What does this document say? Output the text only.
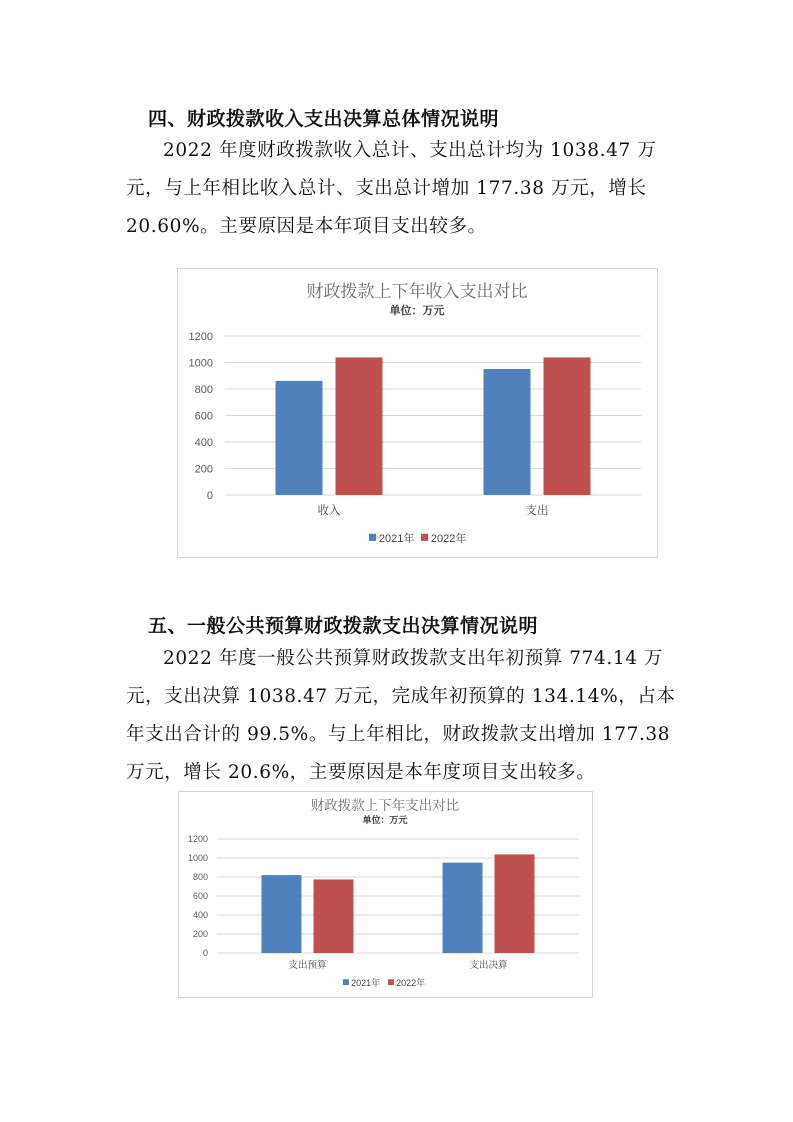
四、财政拨款收入支出决算总体情况说明
2022 年度财政拨款收入总计、支出总计均为 1038.47 万元，与上年相比收入总计、支出总计增加 177.38 万元，增长 20.60%。主要原因是本年项目支出较多。
财政拨款上下年收入支出对比
单位：万元
0
200
400
600
800
1000
1200
收入	支出
2021年 2022年
五、一般公共预算财政拨款支出决算情况说明
2022 年度一般公共预算财政拨款支出年初预算 774.14 万元，支出决算 1038.47 万元，完成年初预算的 134.14%，占本年支出合计的 99.5%。与上年相比，财政拨款支出增加 177.38 万元，增长 20.6%，主要原因是本年度项目支出较多。
财政拨款上下年支出对比
单位：万元
0
200
400
600
800
1000
1200
支出预算	支出决算
2021年 2022年
